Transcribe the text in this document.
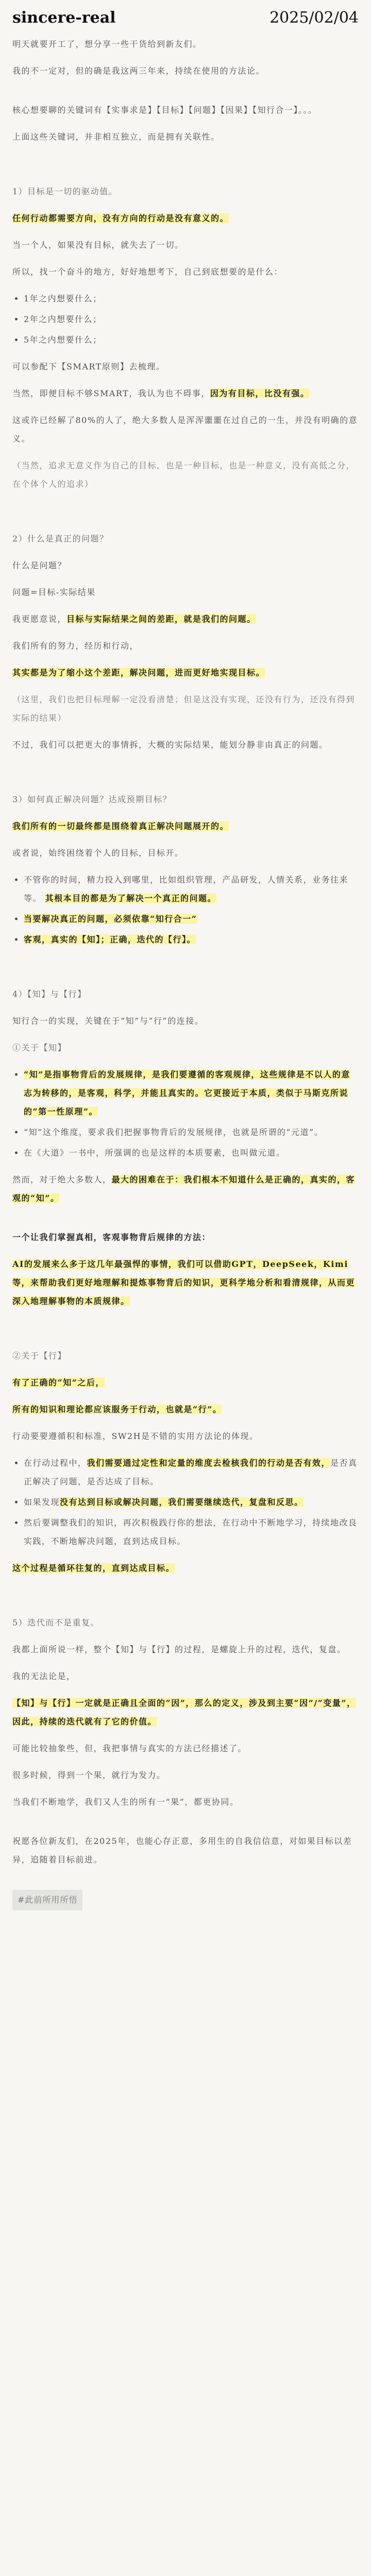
sincere-real	2025/02/04

明天就要开工了，想分享一些干货给到新友们。

我的不一定对，但的确是我这两三年来，持续在使用的方法论。

核心想要聊的关键词有【实事求是】【目标】【问题】【因果】【知行合一】。。。

上面这些关键词，并非相互独立，而是拥有关联性。

1）目标是一切的驱动值。

任何行动都需要方向，没有方向的行动是没有意义的。

当一个人，如果没有目标，就失去了一切。

所以，找一个奋斗的地方，好好地想考下，自己到底想要的是什么：

• 1年之内想要什么；
• 2年之内想要什么；
• 5年之内想要什么；

可以参配下【SMART原则】去梳理。

当然，即便目标不够SMART，我认为也不碍事，因为有目标，比没有强。

这或许已经解了80%的人了，绝大多数人是浑浑噩噩在过自己的一生，并没有明确的意义。

（当然，追求无意义作为自己的目标，也是一种目标，也是一种意义，没有高低之分，在个体个人的追求）

2）什么是真正的问题？

什么是问题？

问题=目标-实际结果

我更愿意说，目标与实际结果之间的差距，就是我们的问题。

我们所有的努力，经历和行动，

其实都是为了缩小这个差距，解决问题，进而更好地实现目标。

（这里，我们也把目标理解一定没看清楚；但是这没有实现，还没有行为，还没有得到实际的结果）

不过，我们可以把更大的事情拆，大概的实际结果，能划分静非由真正的问题。

3）如何真正解决问题？达成预期目标？

我们所有的一切最终都是围绕着真正解决问题展开的。

或者说，始终困绕着个人的目标，目标开。

• 不管你的时间，精力投入到哪里，比如组织管理，产品研发，人情关系，业务往来等。 其根本目的都是为了解决一个真正的问题。
• 当要解决真正的问题，必须依靠“知行合一”
• 客观，真实的【知】；正确，迭代的【行】。

4）【知】与【行】

知行合一的实现，关键在于“知”与“行”的连接。

①关于【知】

• “知”是指事物背后的发展规律，是我们要遵循的客观规律，这些规律是不以人的意志为转移的，是客观，科学，并能且真实的。它更接近于本质，类似于马斯克所说的“第一性原理”。
• “知”这个维度，要求我们把握事物背后的发展规律，也就是所谓的“元道”。
• 在《大道》一书中，所强调的也是这样的本质要素，也叫做元道。

然而，对于绝大多数人，最大的困难在于：我们根本不知道什么是正确的，真实的，客观的“知”。

一个让我们掌握真相，客观事物背后规律的方法：

AI的发展来么多于这几年最强悍的事情，我们可以借助GPT，DeepSeek，Kimi等，来帮助我们更好地理解和提炼事物背后的知识，更科学地分析和看清规律，从而更深入地理解事物的本质规律。

②关于【行】

有了正确的“知”之后，

所有的知识和理论都应该服务于行动，也就是“行”。

行动要要遵循积和标准，SW2H是不错的实用方法论的体现。

• 在行动过程中，我们需要通过定性和定量的维度去检核我们的行动是否有效，是否真正解决了问题，是否达成了目标。
• 如果发现没有达到目标或解决问题，我们需要继续迭代，复盘和反思。
• 然后要调整我们的知识，再次积极践行你的想法，在行动中不断地学习，持续地改良实践，不断地解决问题，直到达成目标。

这个过程是循环往复的，直到达成目标。

5）迭代而不是重复。

我都上面所说一样，整个【知】与【行】的过程，是螺旋上升的过程，迭代，复盘。

我的无法论是，

【知】与【行】一定就是正确且全面的“因”，那么的定义，涉及到主要“因”/“变量”，因此，持续的迭代就有了它的价值。

可能比较抽象些，但，我把事情与真实的方法已经描述了。

很多时候，得到一个果，就行为发力。

当我们不断地学，我们又人生的所有一“果”，都更协同。

祝愿各位新友们，在2025年，也能心存正意，多用生的自我信信意，对如果目标以差异，追随着目标前进。

#此前所用所悟
